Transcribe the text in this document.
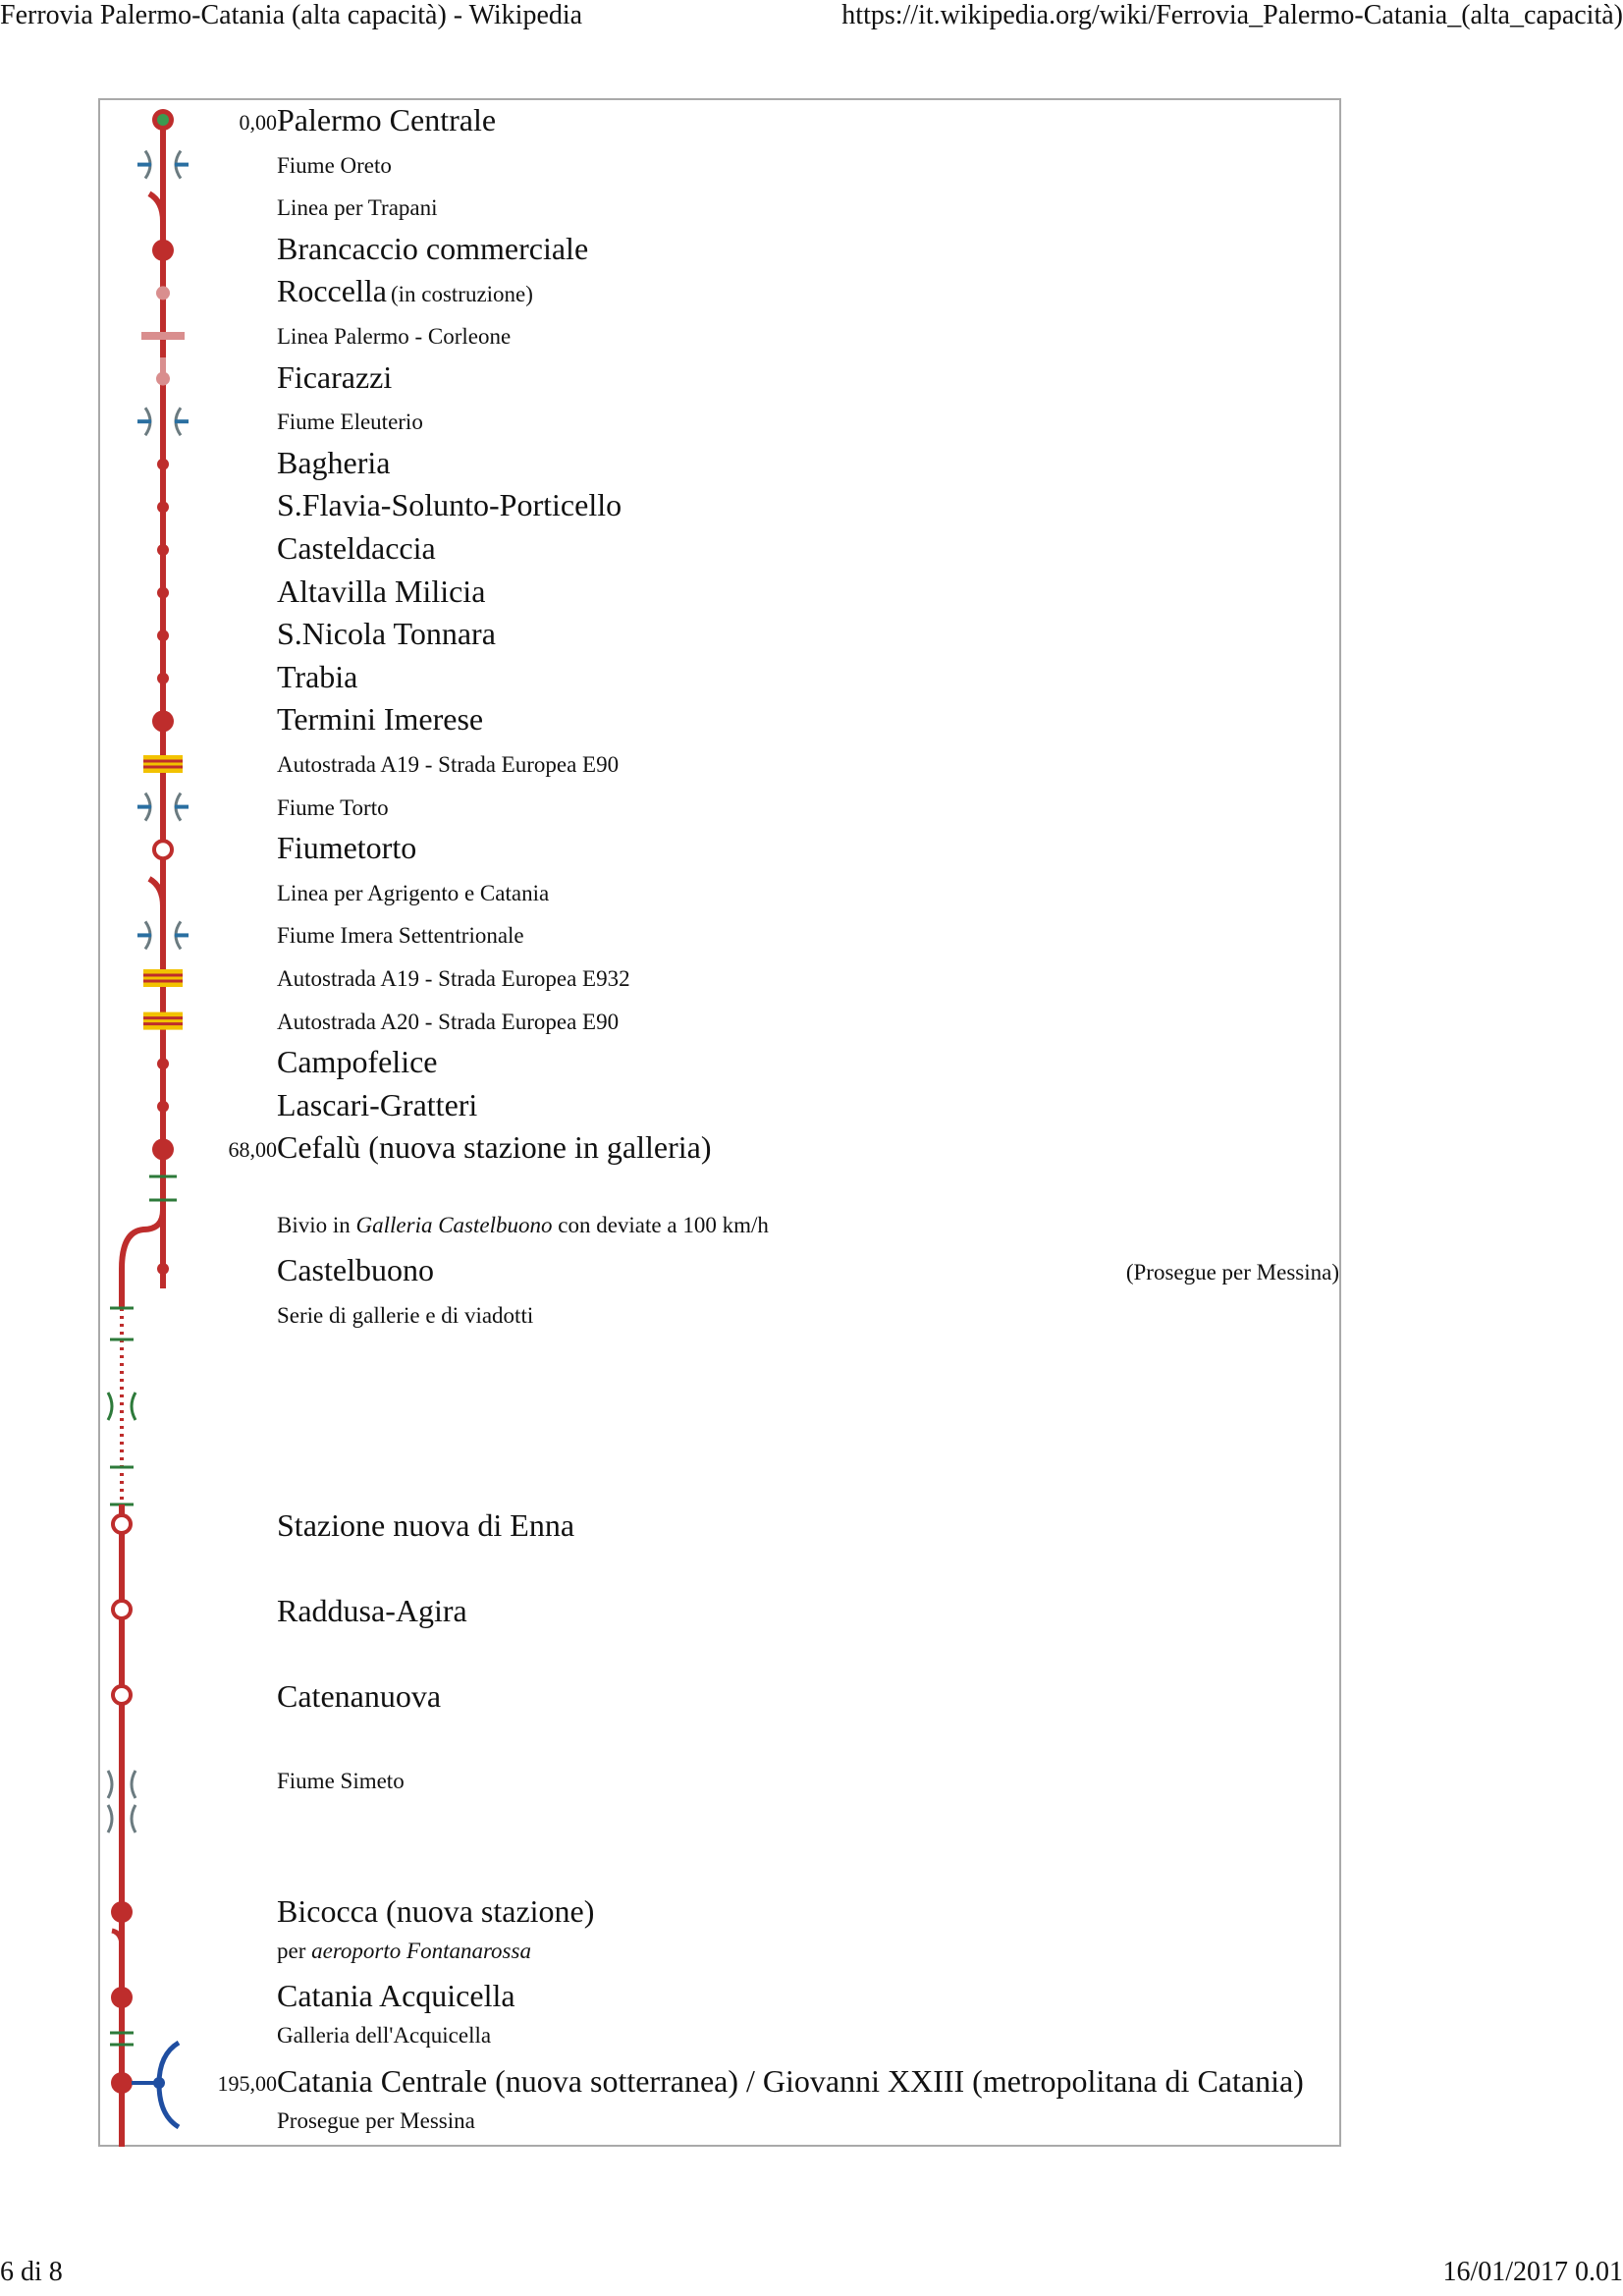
Ferrovia Palermo-Catania (alta capacità) - Wikipedia	https://it.wikipedia.org/wiki/Ferrovia_Palermo-Catania_(alta_capacità)
0,00 Palermo Centrale
Fiume Oreto
Linea per Trapani
Brancaccio commerciale
Roccella (in costruzione)
Linea Palermo - Corleone
Ficarazzi
Fiume Eleuterio
Bagheria
S.Flavia-Solunto-Porticello
Casteldaccia
Altavilla Milicia
S.Nicola Tonnara
Trabia
Termini Imerese
Autostrada A19 - Strada Europea E90
Fiume Torto
Fiumetorto
Linea per Agrigento e Catania
Fiume Imera Settentrionale
Autostrada A19 - Strada Europea E932
Autostrada A20 - Strada Europea E90
Campofelice
Lascari-Gratteri
68,00 Cefalù (nuova stazione in galleria)
Bivio in Galleria Castelbuono con deviate a 100 km/h
Castelbuono	(Prosegue per Messina)
Serie di gallerie e di viadotti
Stazione nuova di Enna
Raddusa-Agira
Catenanuova
Fiume Simeto
Bicocca (nuova stazione)
per aeroporto Fontanarossa
Catania Acquicella
Galleria dell'Acquicella
195,00 Catania Centrale (nuova sotterranea) / Giovanni XXIII (metropolitana di Catania)
Prosegue per Messina
6 di 8	16/01/2017 0.01
